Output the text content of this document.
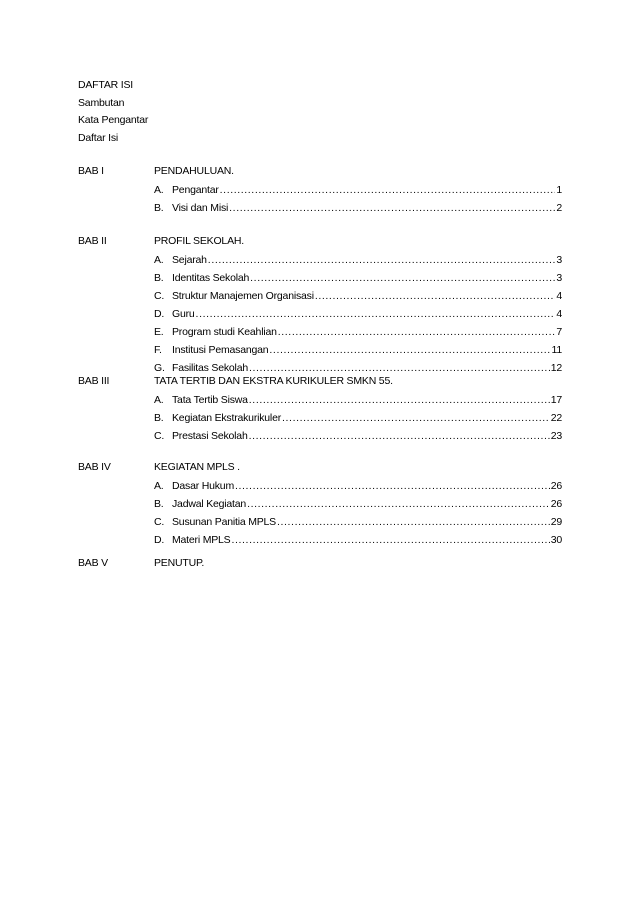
DAFTAR ISI
Sambutan
Kata Pengantar
Daftar Isi
BAB I	PENDAHULUAN.
A. Pengantar .....	1
B. Visi dan Misi .....	2
BAB II	PROFIL SEKOLAH.
A. Sejarah .....	3
B. Identitas Sekolah .....	3
C. Struktur Manajemen Organisasi .....	4
D. Guru .....	4
E. Program studi Keahlian .....	7
F. Institusi Pemasangan .....	11
G. Fasilitas Sekolah .....	12
BAB III	TATA TERTIB DAN EKSTRA KURIKULER SMKN 55.
A. Tata Tertib Siswa .....	17
B. Kegiatan Ekstrakurikuler .....	22
C. Prestasi Sekolah .....	23
BAB IV	KEGIATAN MPLS .
A. Dasar Hukum .....	26
B. Jadwal Kegiatan .....	26
C. Susunan Panitia MPLS .....	29
D. Materi MPLS .....	30
BAB V	PENUTUP.
